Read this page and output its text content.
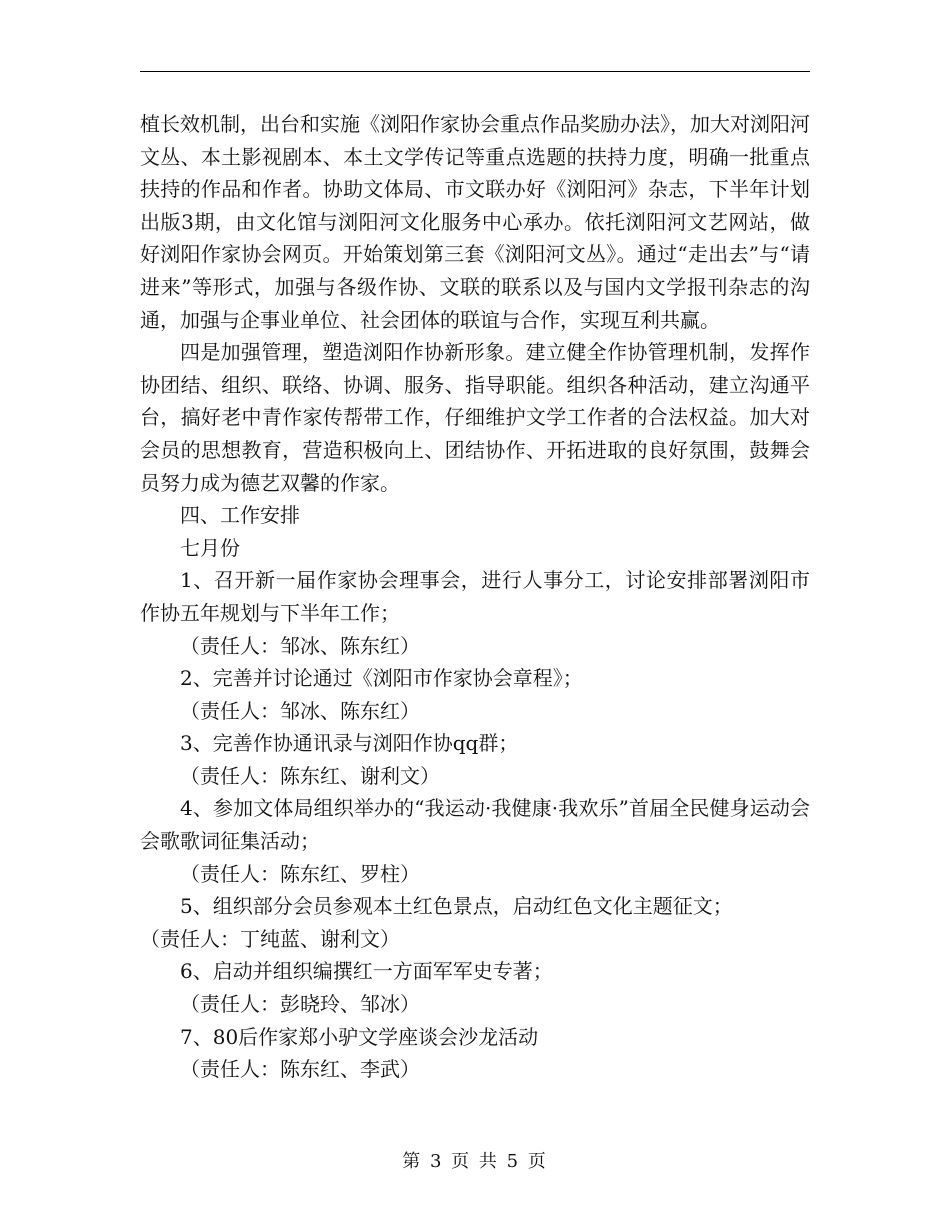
植长效机制，出台和实施《浏阳作家协会重点作品奖励办法》，加大对浏阳河文丛、本土影视剧本、本土文学传记等重点选题的扶持力度，明确一批重点扶持的作品和作者。协助文体局、市文联办好《浏阳河》杂志，下半年计划出版3期，由文化馆与浏阳河文化服务中心承办。依托浏阳河文艺网站，做好浏阳作家协会网页。开始策划第三套《浏阳河文丛》。通过“走出去”与“请进来”等形式，加强与各级作协、文联的联系以及与国内文学报刊杂志的沟通，加强与企事业单位、社会团体的联谊与合作，实现互利共赢。

四是加强管理，塑造浏阳作协新形象。建立健全作协管理机制，发挥作协团结、组织、联络、协调、服务、指导职能。组织各种活动，建立沟通平台，搞好老中青作家传帮带工作，仔细维护文学工作者的合法权益。加大对会员的思想教育，营造积极向上、团结协作、开拓进取的良好氛围，鼓舞会员努力成为德艺双馨的作家。

四、工作安排

七月份

1、召开新一届作家协会理事会，进行人事分工，讨论安排部署浏阳市作协五年规划与下半年工作；

（责任人：邹冰、陈东红）

2、完善并讨论通过《浏阳市作家协会章程》；

（责任人：邹冰、陈东红）

3、完善作协通讯录与浏阳作协qq群；

（责任人：陈东红、谢利文）

4、参加文体局组织举办的“我运动·我健康·我欢乐”首届全民健身运动会会歌歌词征集活动；

（责任人：陈东红、罗柱）

5、组织部分会员参观本土红色景点，启动红色文化主题征文；

（责任人：丁纯蓝、谢利文）

6、启动并组织编撰红一方面军军史专著；

（责任人：彭晓玲、邹冰）

7、80后作家郑小驴文学座谈会沙龙活动

（责任人：陈东红、李武）

第 3 页 共 5 页
